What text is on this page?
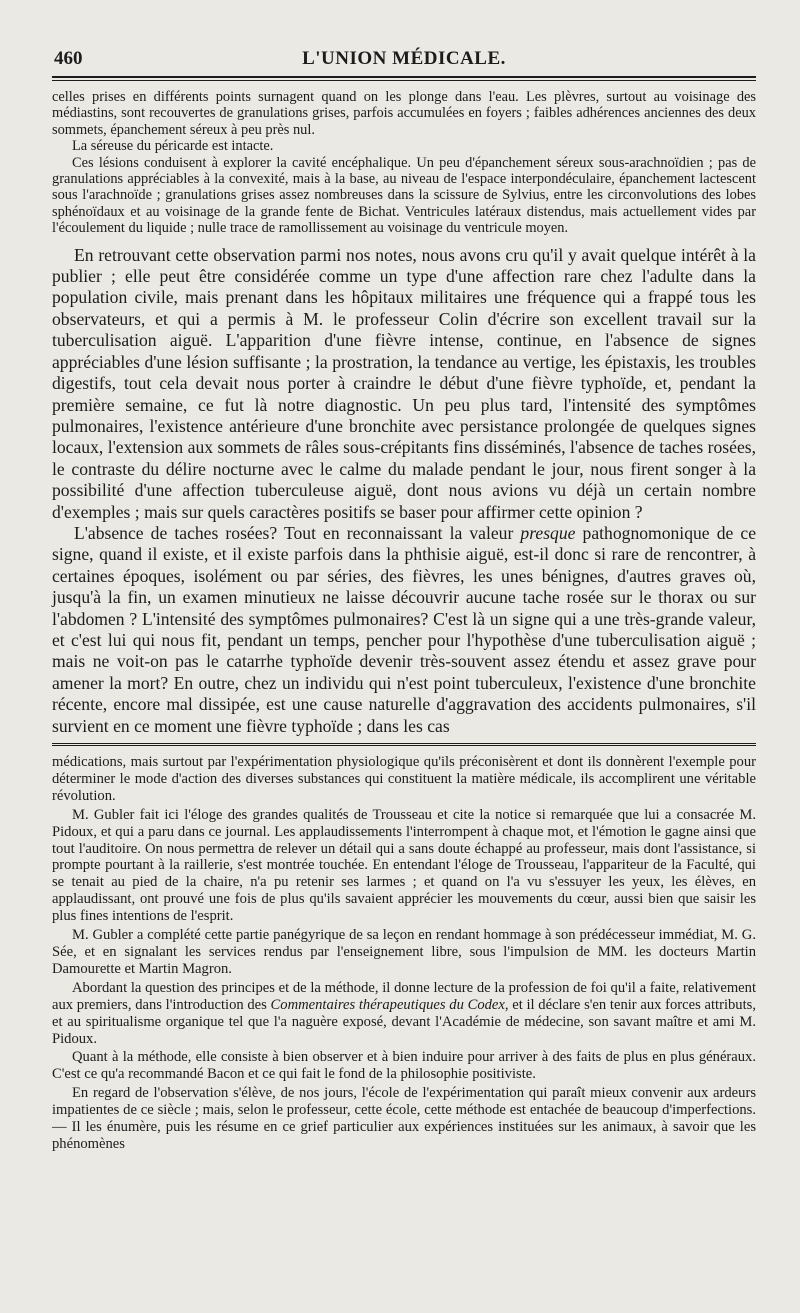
460	L'UNION MÉDICALE.

celles prises en différents points surnagent quand on les plonge dans l'eau. Les plèvres, surtout au voisinage des médiastins, sont recouvertes de granulations grises, parfois accumulées en foyers ; faibles adhérences anciennes des deux sommets, épanchement séreux à peu près nul.

La séreuse du péricarde est intacte.

Ces lésions conduisent à explorer la cavité encéphalique. Un peu d'épanchement séreux sous-arachnoïdien ; pas de granulations appréciables à la convexité, mais à la base, au niveau de l'espace interpondéculaire, épanchement lactescent sous l'arachnoïde ; granulations grises assez nombreuses dans la scissure de Sylvius, entre les circonvolutions des lobes sphénoïdaux et au voisinage de la grande fente de Bichat. Ventricules latéraux distendus, mais actuellement vides par l'écoulement du liquide ; nulle trace de ramollissement au voisinage du ventricule moyen.

En retrouvant cette observation parmi nos notes, nous avons cru qu'il y avait quelque intérêt à la publier ; elle peut être considérée comme un type d'une affection rare chez l'adulte dans la population civile, mais prenant dans les hôpitaux militaires une fréquence qui a frappé tous les observateurs, et qui a permis à M. le professeur Colin d'écrire son excellent travail sur la tuberculisation aiguë. L'apparition d'une fièvre intense, continue, en l'absence de signes appréciables d'une lésion suffisante ; la prostration, la tendance au vertige, les épistaxis, les troubles digestifs, tout cela devait nous porter à craindre le début d'une fièvre typhoïde, et, pendant la première semaine, ce fut là notre diagnostic. Un peu plus tard, l'intensité des symptômes pulmonaires, l'existence antérieure d'une bronchite avec persistance prolongée de quelques signes locaux, l'extension aux sommets de râles sous-crépitants fins disséminés, l'absence de taches rosées, le contraste du délire nocturne avec le calme du malade pendant le jour, nous firent songer à la possibilité d'une affection tuberculeuse aiguë, dont nous avions vu déjà un certain nombre d'exemples ; mais sur quels caractères positifs se baser pour affirmer cette opinion ?

L'absence de taches rosées? Tout en reconnaissant la valeur presque pathognomonique de ce signe, quand il existe, et il existe parfois dans la phthisie aiguë, est-il donc si rare de rencontrer, à certaines époques, isolément ou par séries, des fièvres, les unes bénignes, d'autres graves où, jusqu'à la fin, un examen minutieux ne laisse découvrir aucune tache rosée sur le thorax ou sur l'abdomen ? L'intensité des symptômes pulmonaires? C'est là un signe qui a une très-grande valeur, et c'est lui qui nous fit, pendant un temps, pencher pour l'hypothèse d'une tuberculisation aiguë ; mais ne voit-on pas le catarrhe typhoïde devenir très-souvent assez étendu et assez grave pour amener la mort? En outre, chez un individu qui n'est point tuberculeux, l'existence d'une bronchite récente, encore mal dissipée, est une cause naturelle d'aggravation des accidents pulmonaires, s'il survient en ce moment une fièvre typhoïde ; dans les cas

médications, mais surtout par l'expérimentation physiologique qu'ils préconisèrent et dont ils donnèrent l'exemple pour déterminer le mode d'action des diverses substances qui constituent la matière médicale, ils accomplirent une véritable révolution.

M. Gubler fait ici l'éloge des grandes qualités de Trousseau et cite la notice si remarquée que lui a consacrée M. Pidoux, et qui a paru dans ce journal. Les applaudissements l'interrompent à chaque mot, et l'émotion le gagne ainsi que tout l'auditoire. On nous permettra de relever un détail qui a sans doute échappé au professeur, mais dont l'assistance, si prompte pourtant à la raillerie, s'est montrée touchée. En entendant l'éloge de Trousseau, l'appariteur de la Faculté, qui se tenait au pied de la chaire, n'a pu retenir ses larmes ; et quand on l'a vu s'essuyer les yeux, les élèves, en applaudissant, ont prouvé une fois de plus qu'ils savaient apprécier les mouvements du cœur, aussi bien que saisir les plus fines intentions de l'esprit.

M. Gubler a complété cette partie panégyrique de sa leçon en rendant hommage à son prédécesseur immédiat, M. G. Sée, et en signalant les services rendus par l'enseignement libre, sous l'impulsion de MM. les docteurs Martin Damourette et Martin Magron.

Abordant la question des principes et de la méthode, il donne lecture de la profession de foi qu'il a faite, relativement aux premiers, dans l'introduction des Commentaires thérapeutiques du Codex, et il déclare s'en tenir aux forces attributs, et au spiritualisme organique tel que l'a naguère exposé, devant l'Académie de médecine, son savant maître et ami M. Pidoux.

Quant à la méthode, elle consiste à bien observer et à bien induire pour arriver à des faits de plus en plus généraux. C'est ce qu'a recommandé Bacon et ce qui fait le fond de la philosophie positiviste.

En regard de l'observation s'élève, de nos jours, l'école de l'expérimentation qui paraît mieux convenir aux ardeurs impatientes de ce siècle ; mais, selon le professeur, cette école, cette méthode est entachée de beaucoup d'imperfections. — Il les énumère, puis les résume en ce grief particulier aux expériences instituées sur les animaux, à savoir que les phénomènes
